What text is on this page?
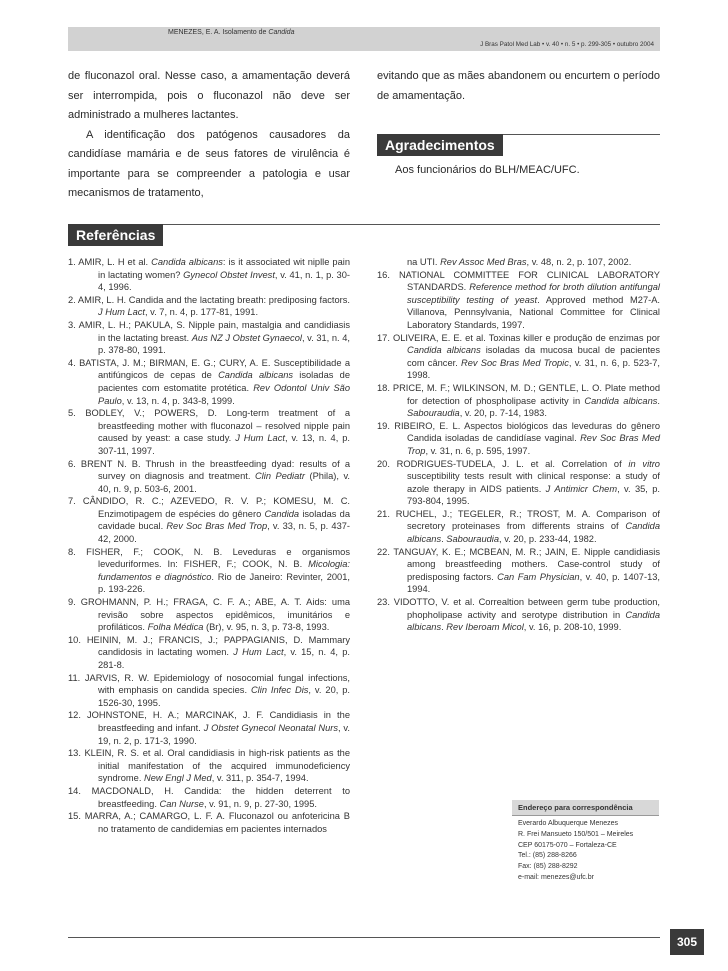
MENEZES, E. A. Isolamento de Candida
J Bras Patol Med Lab • v. 40 • n. 5 • p. 299-305 • outubro 2004

de fluconazol oral. Nesse caso, a amamentação deverá ser interrompida, pois o fluconazol não deve ser administrado a mulheres lactantes.

A identificação dos patógenos causadores da candidíase mamária e de seus fatores de virulência é importante para se compreender a patologia e usar mecanismos de tratamento,

evitando que as mães abandonem ou encurtem o período de amamentação.

Agradecimentos
Aos funcionários do BLH/MEAC/UFC.
Referências

1. AMIR, L. H et al. Candida albicans: is it associated wit niplle pain in lactating women? Gynecol Obstet Invest, v. 41, n. 1, p. 30-4, 1996.

2. AMIR, L. H. Candida and the lactating breath: prediposing factors. J Hum Lact, v. 7, n. 4, p. 177-81, 1991.

3. AMIR, L. H.; PAKULA, S. Nipple pain, mastalgia and candidiasis in the lactating breast. Aus NZ J Obstet Gynaecol, v. 31, n. 4, p. 378-80, 1991.

4. BATISTA, J. M.; BIRMAN, E. G.; CURY, A. E. Susceptibilidade a antifúngicos de cepas de Candida albicans isoladas de pacientes com estomatite protética. Rev Odontol Univ São Paulo, v. 13, n. 4, p. 343-8, 1999.

5. BODLEY, V.; POWERS, D. Long-term treatment of a breastfeeding mother with fluconazol – resolved nipple pain caused by yeast: a case study. J Hum Lact, v. 13, n. 4, p. 307-11, 1997.

6. BRENT N. B. Thrush in the breastfeeding dyad: results of a survey on diagnosis and treatment. Clin Pediatr (Phila), v. 40, n. 9, p. 503-6, 2001.

7. CÂNDIDO, R. C.; AZEVEDO, R. V. P.; KOMESU, M. C. Enzimotipagem de espécies do gênero Candida isoladas da cavidade bucal. Rev Soc Bras Med Trop, v. 33, n. 5, p. 437-42, 2000.

8. FISHER, F.; COOK, N. B. Leveduras e organismos leveduriformes. In: FISHER, F.; COOK, N. B. Micologia: fundamentos e diagnóstico. Rio de Janeiro: Revinter, 2001, p. 193-226.

9. GROHMANN, P. H.; FRAGA, C. F. A.; ABE, A. T. Aids: uma revisão sobre aspectos epidêmicos, imunitários e profiláticos. Folha Médica (Br), v. 95, n. 3, p. 73-8, 1993.

10. HEININ, M. J.; FRANCIS, J.; PAPPAGIANIS, D. Mammary candidosis in lactating women. J Hum Lact, v. 15, n. 4, p. 281-8.

11. JARVIS, R. W. Epidemiology of nosocomial fungal infections, with emphasis on candida species. Clin Infec Dis, v. 20, p. 1526-30, 1995.

12. JOHNSTONE, H. A.; MARCINAK, J. F. Candidiasis in the breastfeeding and infant. J Obstet Gynecol Neonatal Nurs, v. 19, n. 2, p. 171-3, 1990.

13. KLEIN, R. S. et al. Oral candidiasis in high-risk patients as the initial manifestation of the acquired immunodeficiency syndrome. New Engl J Med, v. 311, p. 354-7, 1994.

14. MACDONALD, H. Candida: the hidden deterrent to breastfeeding. Can Nurse, v. 91, n. 9, p. 27-30, 1995.

15. MARRA, A.; CAMARGO, L. F. A. Fluconazol ou anfotericina B no tratamento de candidemias em pacientes internados

na UTI. Rev Assoc Med Bras, v. 48, n. 2, p. 107, 2002.

16. NATIONAL COMMITTEE FOR CLINICAL LABORATORY STANDARDS. Reference method for broth dilution antifungal susceptibility testing of yeast. Approved method M27-A. Villanova, Pennsylvania, National Committee for Clinical Laboratory Standards, 1997.

17. OLIVEIRA, E. E. et al. Toxinas killer e produção de enzimas por Candida albicans isoladas da mucosa bucal de pacientes com câncer. Rev Soc Bras Med Tropic, v. 31, n. 6, p. 523-7, 1998.

18. PRICE, M. F.; WILKINSON, M. D.; GENTLE, L. O. Plate method for detection of phospholipase activity in Candida albicans. Sabouraudia, v. 20, p. 7-14, 1983.

19. RIBEIRO, E. L. Aspectos biológicos das leveduras do gênero Candida isoladas de candidíase vaginal. Rev Soc Bras Med Trop, v. 31, n. 6, p. 595, 1997.

20. RODRIGUES-TUDELA, J. L. et al. Correlation of in vitro susceptibility tests result with clinical response: a study of azole therapy in AIDS patients. J Antimicr Chem, v. 35, p. 793-804, 1995.

21. RUCHEL, J.; TEGELER, R.; TROST, M. A. Comparison of secretory proteinases from differents strains of Candida albicans. Sabouraudia, v. 20, p. 233-44, 1982.

22. TANGUAY, K. E.; MCBEAN, M. R.; JAIN, E. Nipple candidiasis among breastfeeding mothers. Case-control study of predisposing factors. Can Fam Physician, v. 40, p. 1407-13, 1994.

23. VIDOTTO, V. et al. Correaltion between germ tube production, phopholipase activity and serotype distribution in Candida albicans. Rev Iberoam Micol, v. 16, p. 208-10, 1999.

Endereço para correspondência
Everardo Albuquerque Menezes
R. Frei Mansueto 150/501 – Meireles
CEP 60175-070 – Fortaleza-CE
Tel.: (85) 288-8266
Fax: (85) 288-8292
e-mail: menezes@ufc.br
305
